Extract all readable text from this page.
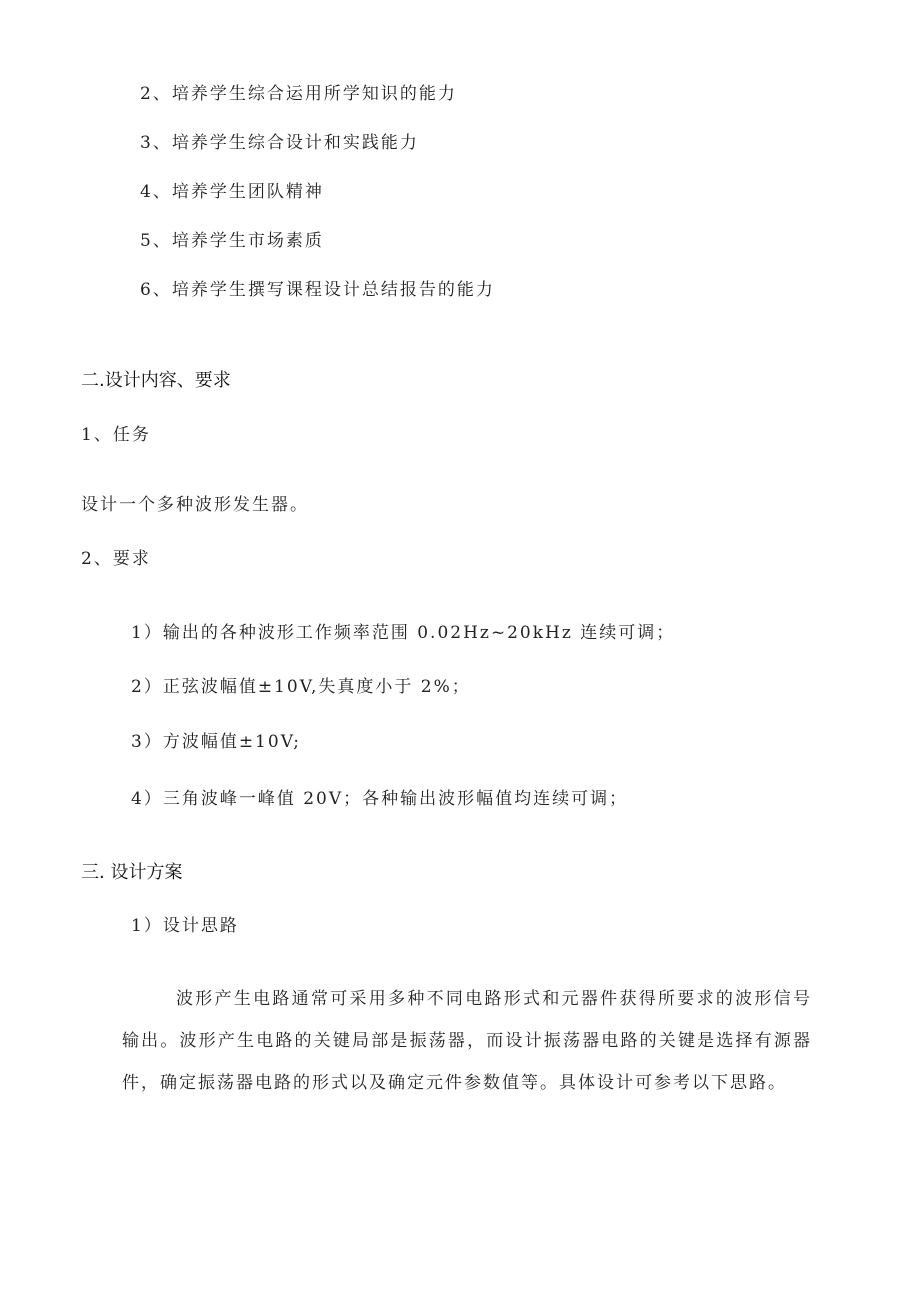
2、培养学生综合运用所学知识的能力
3、培养学生综合设计和实践能力
4、培养学生团队精神
5、培养学生市场素质
6、培养学生撰写课程设计总结报告的能力
二.设计内容、要求
1、任务
设计一个多种波形发生器。
2、要求
1）输出的各种波形工作频率范围 0.02Hz~20kHz 连续可调；
2）正弦波幅值±10V,失真度小于 2%；
3）方波幅值±10V;
4）三角波峰一峰值 20V；各种输出波形幅值均连续可调；
三. 设计方案
1）设计思路
波形产生电路通常可采用多种不同电路形式和元器件获得所要求的波形信号输出。波形产生电路的关键局部是振荡器，而设计振荡器电路的关键是选择有源器件，确定振荡器电路的形式以及确定元件参数值等。具体设计可参考以下思路。
